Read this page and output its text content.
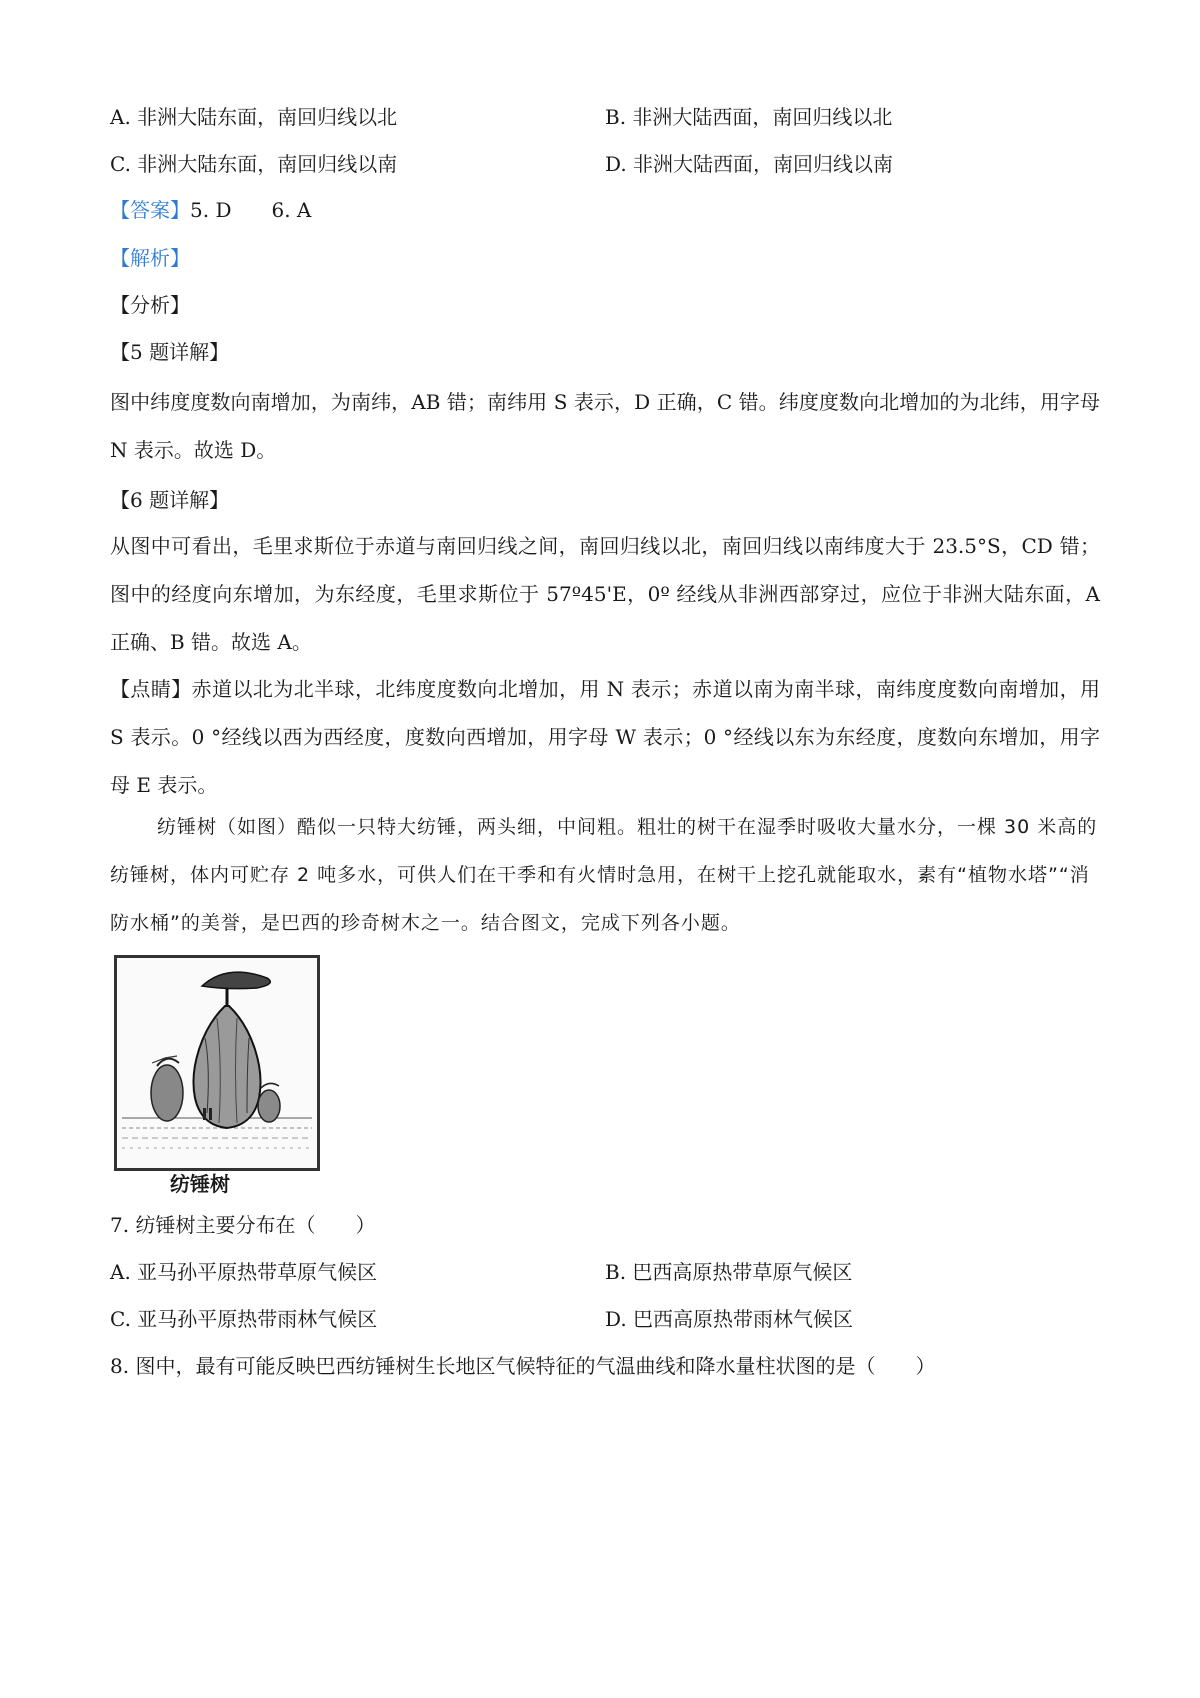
A. 非洲大陆东面，南回归线以北	B. 非洲大陆西面，南回归线以北
C. 非洲大陆东面，南回归线以南	D. 非洲大陆西面，南回归线以南
【答案】5. D　　6. A
【解析】
【分析】
【5 题详解】

图中纬度度数向南增加，为南纬，AB 错；南纬用 S 表示，D 正确，C 错。纬度度数向北增加的为北纬，用字母 N 表示。故选 D。

【6 题详解】

从图中可看出，毛里求斯位于赤道与南回归线之间，南回归线以北，南回归线以南纬度大于 23.5°S，CD 错；图中的经度向东增加，为东经度，毛里求斯位于 57º45'E，0º 经线从非洲西部穿过，应位于非洲大陆东面，A 正确、B 错。故选 A。

【点睛】赤道以北为北半球，北纬度度数向北增加，用 N 表示；赤道以南为南半球，南纬度度数向南增加，用 S 表示。0 °经线以西为西经度，度数向西增加，用字母 W 表示；0 °经线以东为东经度，度数向东增加，用字母 E 表示。

纺锤树（如图）酷似一只特大纺锤，两头细，中间粗。粗壮的树干在湿季时吸收大量水分，一棵 30 米高的纺锤树，体内可贮存 2 吨多水，可供人们在干季和有火情时急用，在树干上挖孔就能取水，素有“植物水塔”“消防水桶”的美誉，是巴西的珍奇树木之一。结合图文，完成下列各小题。

纺锤树
7. 纺锤树主要分布在（　　）
A. 亚马孙平原热带草原气候区	B. 巴西高原热带草原气候区
C. 亚马孙平原热带雨林气候区	D. 巴西高原热带雨林气候区
8. 图中，最有可能反映巴西纺锤树生长地区气候特征的气温曲线和降水量柱状图的是（　　）
